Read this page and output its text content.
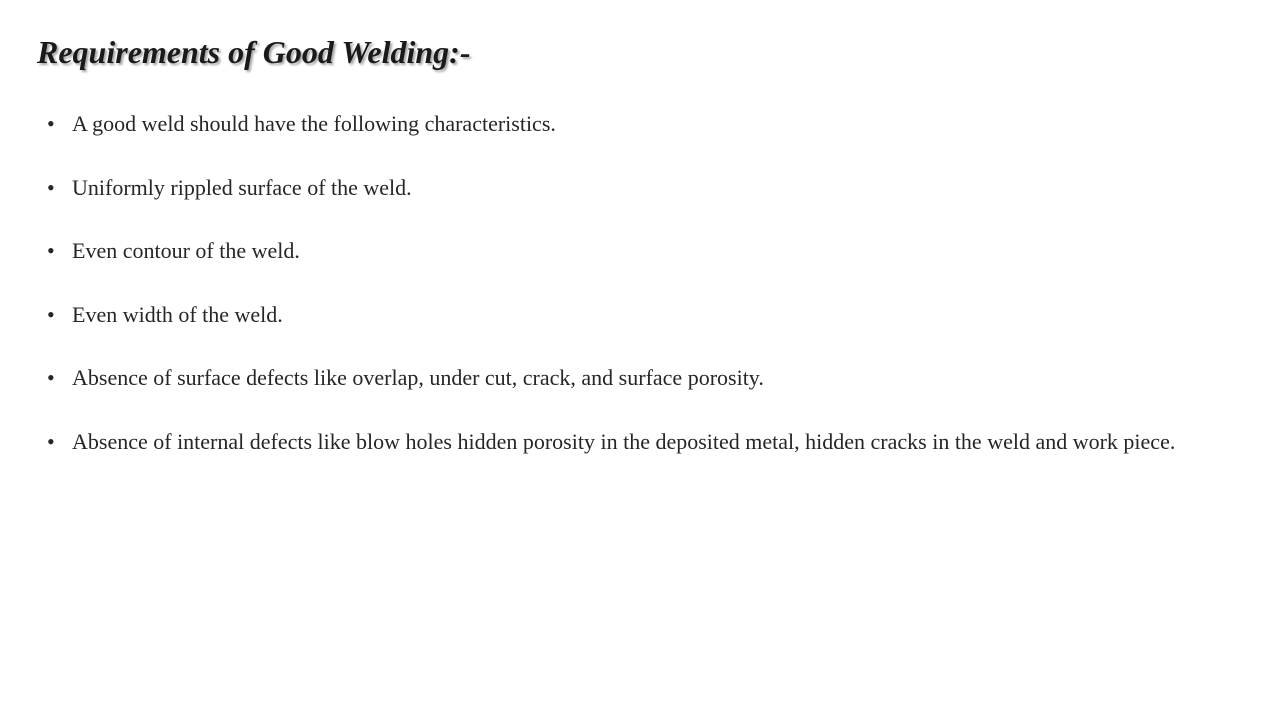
Requirements of Good Welding:-
•
A good weld should have the following characteristics.
•
Uniformly rippled surface of the weld.
•
Even contour of the weld.
•
Even width of the weld.
•
Absence of surface defects like overlap, under cut, crack, and surface porosity.
•
Absence of internal defects like blow holes hidden porosity in the deposited metal, hidden cracks in the weld and work piece.
